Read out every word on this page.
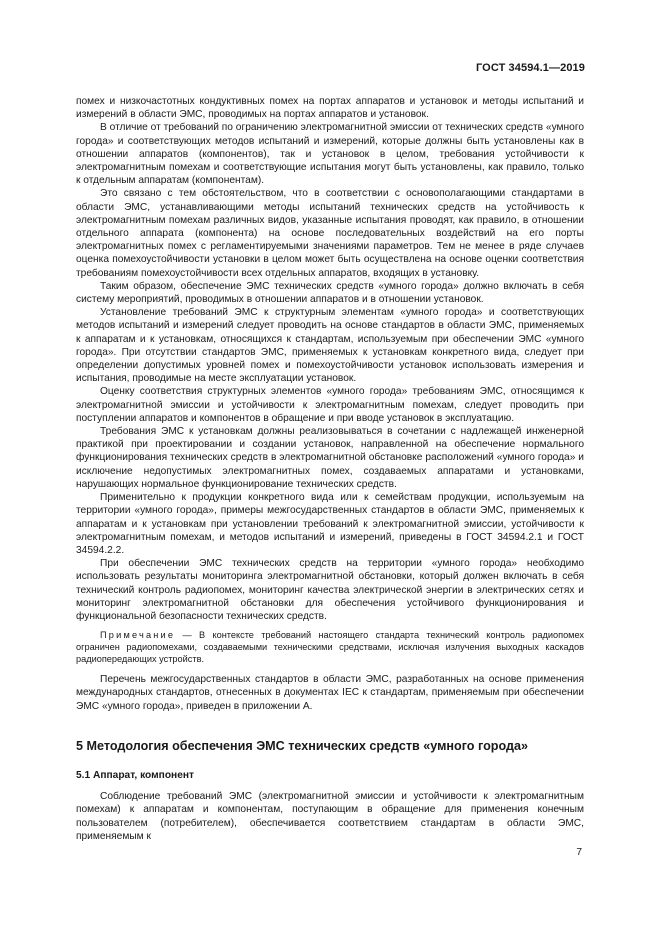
ГОСТ 34594.1—2019

помех и низкочастотных кондуктивных помех на портах аппаратов и установок и методы испытаний и измерений в области ЭМС, проводимых на портах аппаратов и установок.

В отличие от требований по ограничению электромагнитной эмиссии от технических средств «умного города» и соответствующих методов испытаний и измерений, которые должны быть установлены как в отношении аппаратов (компонентов), так и установок в целом, требования устойчивости к электромагнитным помехам и соответствующие испытания могут быть установлены, как правило, только к отдельным аппаратам (компонентам).

Это связано с тем обстоятельством, что в соответствии с основополагающими стандартами в области ЭМС, устанавливающими методы испытаний технических средств на устойчивость к электромагнитным помехам различных видов, указанные испытания проводят, как правило, в отношении отдельного аппарата (компонента) на основе последовательных воздействий на его порты электромагнитных помех с регламентируемыми значениями параметров. Тем не менее в ряде случаев оценка помехоустойчивости установки в целом может быть осуществлена на основе оценки соответствия требованиям помехоустойчивости всех отдельных аппаратов, входящих в установку.

Таким образом, обеспечение ЭМС технических средств «умного города» должно включать в себя систему мероприятий, проводимых в отношении аппаратов и в отношении установок.

Установление требований ЭМС к структурным элементам «умного города» и соответствующих методов испытаний и измерений следует проводить на основе стандартов в области ЭМС, применяемых к аппаратам и к установкам, относящихся к стандартам, используемым при обеспечении ЭМС «умного города». При отсутствии стандартов ЭМС, применяемых к установкам конкретного вида, следует при определении допустимых уровней помех и помехоустойчивости установок использовать измерения и испытания, проводимые на месте эксплуатации установок.

Оценку соответствия структурных элементов «умного города» требованиям ЭМС, относящимся к электромагнитной эмиссии и устойчивости к электромагнитным помехам, следует проводить при поступлении аппаратов и компонентов в обращение и при вводе установок в эксплуатацию.

Требования ЭМС к установкам должны реализовываться в сочетании с надлежащей инженерной практикой при проектировании и создании установок, направленной на обеспечение нормального функционирования технических средств в электромагнитной обстановке расположений «умного города» и исключение недопустимых электромагнитных помех, создаваемых аппаратами и установками, нарушающих нормальное функционирование технических средств.

Применительно к продукции конкретного вида или к семействам продукции, используемым на территории «умного города», примеры межгосударственных стандартов в области ЭМС, применяемых к аппаратам и к установкам при установлении требований к электромагнитной эмиссии, устойчивости к электромагнитным помехам, и методов испытаний и измерений, приведены в ГОСТ 34594.2.1 и ГОСТ 34594.2.2.

При обеспечении ЭМС технических средств на территории «умного города» необходимо использовать результаты мониторинга электромагнитной обстановки, который должен включать в себя технический контроль радиопомех, мониторинг качества электрической энергии в электрических сетях и мониторинг электромагнитной обстановки для обеспечения устойчивого функционирования и функциональной безопасности технических средств.

Примечание — В контексте требований настоящего стандарта технический контроль радиопомех ограничен радиопомехами, создаваемыми техническими средствами, исключая излучения выходных каскадов радиопередающих устройств.

Перечень межгосударственных стандартов в области ЭМС, разработанных на основе применения международных стандартов, отнесенных в документах IEC к стандартам, применяемым при обеспечении ЭМС «умного города», приведен в приложении А.

5 Методология обеспечения ЭМС технических средств «умного города»
5.1 Аппарат, компонент

Соблюдение требований ЭМС (электромагнитной эмиссии и устойчивости к электромагнитным помехам) к аппаратам и компонентам, поступающим в обращение для применения конечным пользователем (потребителем), обеспечивается соответствием стандартам в области ЭМС, применяемым к

7
